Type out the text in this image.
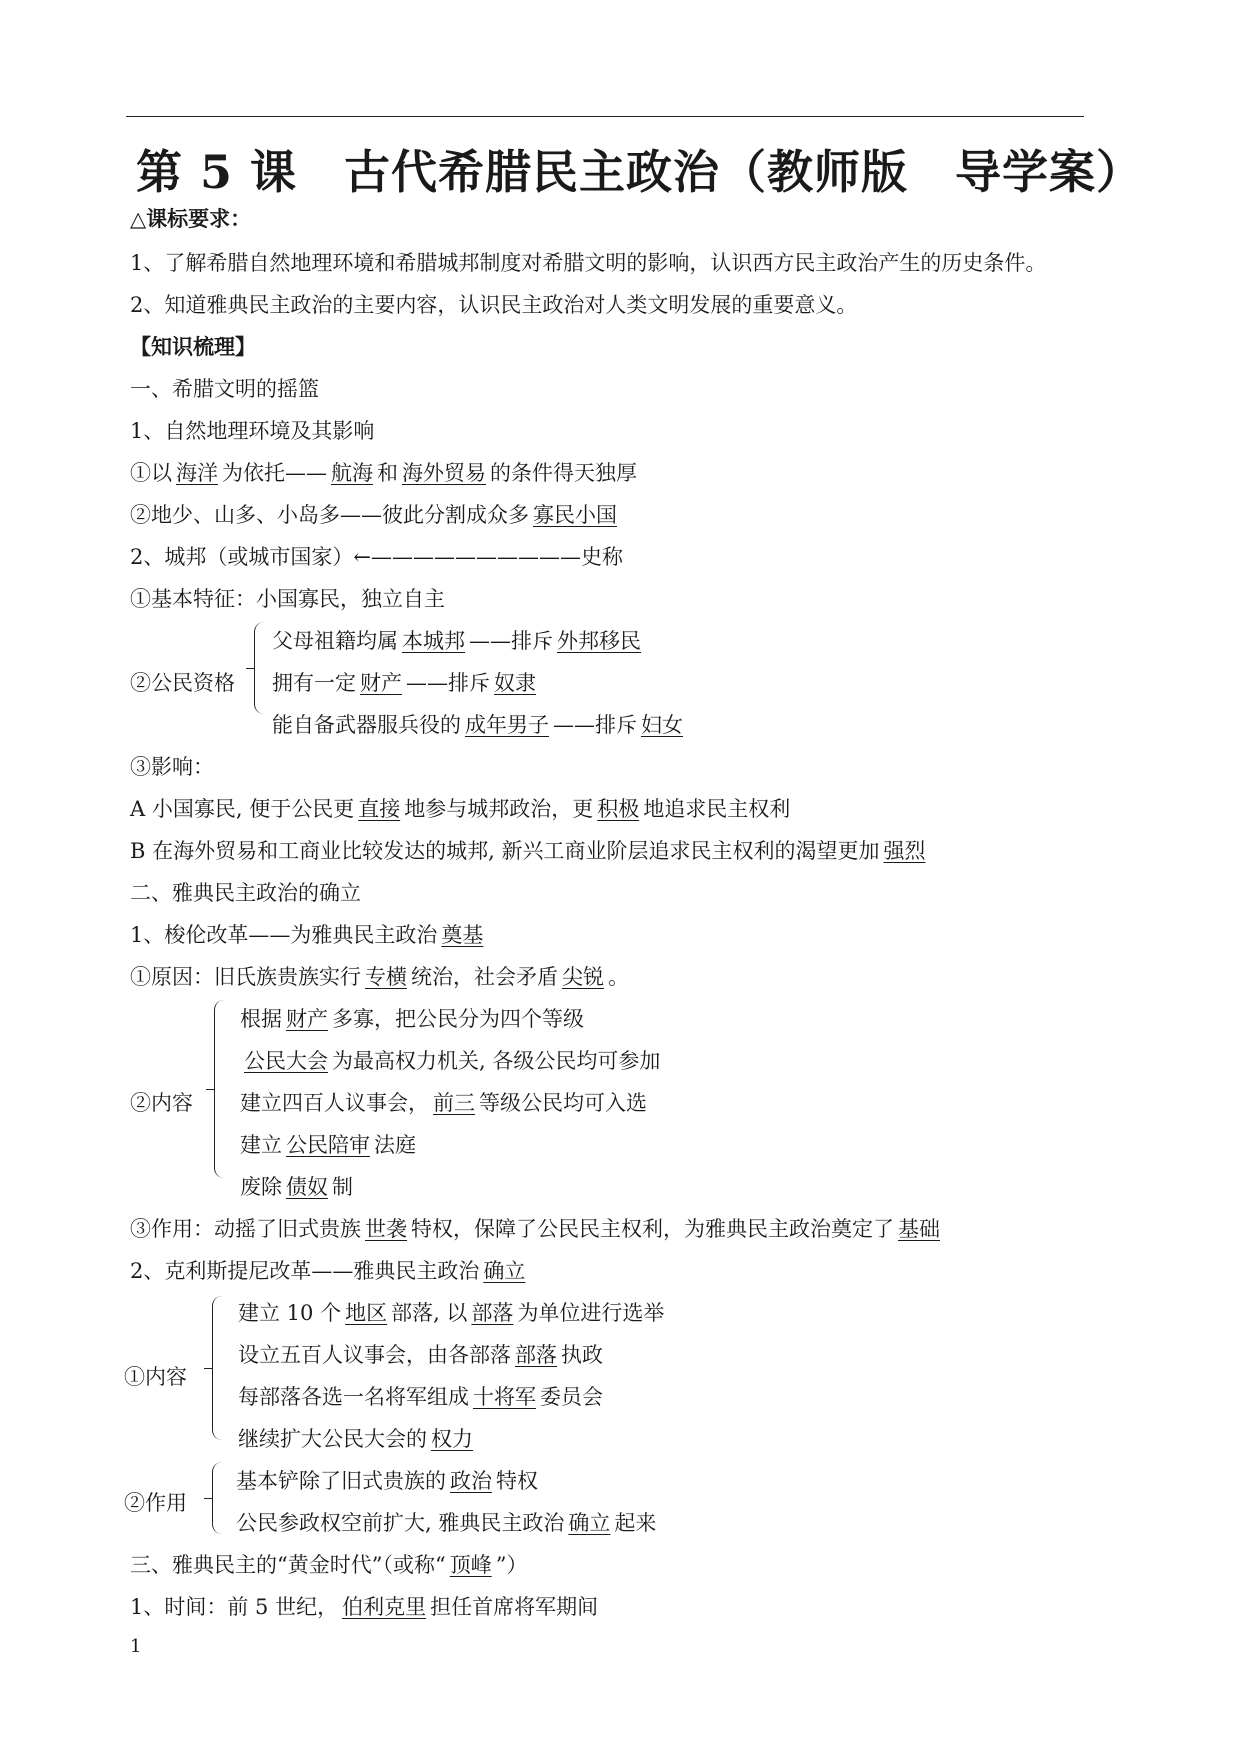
第 5 课　古代希腊民主政治（教师版　导学案）
△课标要求：
1、了解希腊自然地理环境和希腊城邦制度对希腊文明的影响，认识西方民主政治产生的历史条件。
2、知道雅典民主政治的主要内容，认识民主政治对人类文明发展的重要意义。
【知识梳理】
一、希腊文明的摇篮
1、自然地理环境及其影响
①以 海洋 为依托—— 航海 和 海外贸易 的条件得天独厚
②地少、山多、小岛多——彼此分割成众多 寡民小国
2、城邦（或城市国家）←——————————史称
①基本特征：小国寡民，独立自主
②公民资格
父母祖籍均属 本城邦 ——排斥 外邦移民
拥有一定 财产 ——排斥 奴隶
能自备武器服兵役的 成年男子 ——排斥 妇女
③影响：
A 小国寡民, 便于公民更 直接 地参与城邦政治，更 积极 地追求民主权利
B 在海外贸易和工商业比较发达的城邦, 新兴工商业阶层追求民主权利的渴望更加 强烈
二、雅典民主政治的确立
1、梭伦改革——为雅典民主政治 奠基
①原因：旧氏族贵族实行 专横 统治，社会矛盾 尖锐 。
②内容
根据 财产 多寡，把公民分为四个等级
公民大会 为最高权力机关, 各级公民均可参加
建立四百人议事会， 前三 等级公民均可入选
建立 公民陪审 法庭
废除 债奴 制
③作用：动摇了旧式贵族 世袭 特权，保障了公民民主权利，为雅典民主政治奠定了 基础
2、克利斯提尼改革——雅典民主政治 确立
①内容
建立 10 个 地区 部落, 以 部落 为单位进行选举
设立五百人议事会，由各部落 部落 执政
每部落各选一名将军组成 十将军 委员会
继续扩大公民大会的 权力
②作用
基本铲除了旧式贵族的 政治 特权
公民参政权空前扩大, 雅典民主政治 确立 起来
三、雅典民主的“黄金时代”（或称“ 顶峰 ”）
1、时间：前 5 世纪， 伯利克里 担任首席将军期间
1
